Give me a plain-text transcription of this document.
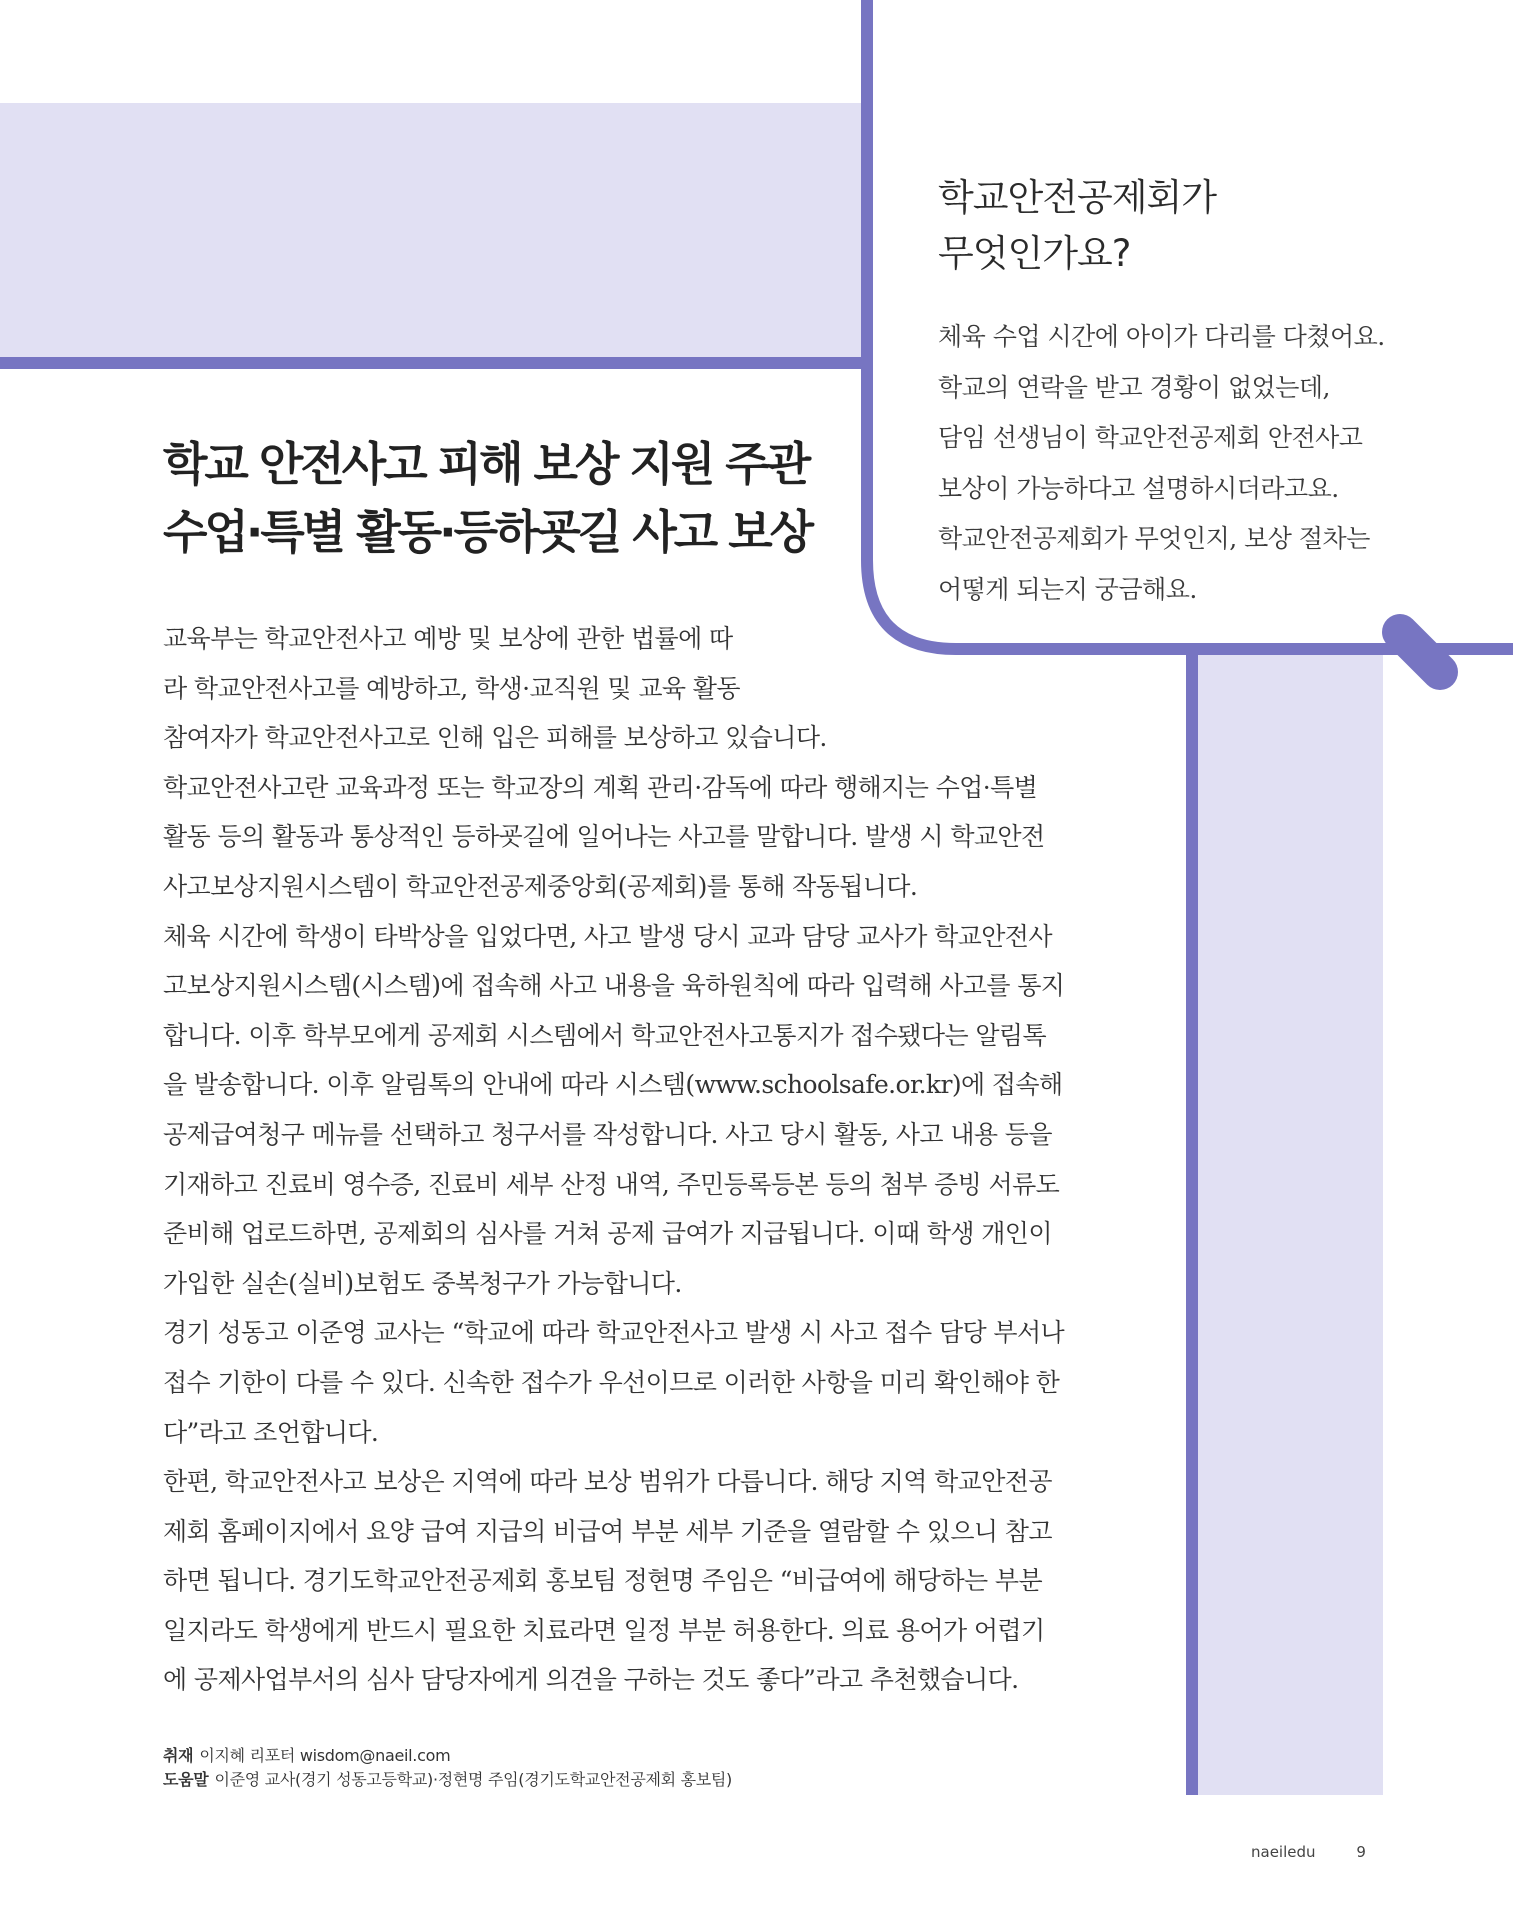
학교안전공제회가
무엇인가요?
체육 수업 시간에 아이가 다리를 다쳤어요.
학교의 연락을 받고 경황이 없었는데,
담임 선생님이 학교안전공제회 안전사고
보상이 가능하다고 설명하시더라고요.
학교안전공제회가 무엇인지, 보상 절차는
어떻게 되는지 궁금해요.
학교 안전사고 피해 보상 지원 주관
수업·특별 활동·등하굣길 사고 보상
교육부는 학교안전사고 예방 및 보상에 관한 법률에 따
라 학교안전사고를 예방하고, 학생·교직원 및 교육 활동
참여자가 학교안전사고로 인해 입은 피해를 보상하고 있습니다.
학교안전사고란 교육과정 또는 학교장의 계획 관리·감독에 따라 행해지는 수업·특별
활동 등의 활동과 통상적인 등하굣길에 일어나는 사고를 말합니다. 발생 시 학교안전
사고보상지원시스템이 학교안전공제중앙회(공제회)를 통해 작동됩니다.
체육 시간에 학생이 타박상을 입었다면, 사고 발생 당시 교과 담당 교사가 학교안전사
고보상지원시스템(시스템)에 접속해 사고 내용을 육하원칙에 따라 입력해 사고를 통지
합니다. 이후 학부모에게 공제회 시스템에서 학교안전사고통지가 접수됐다는 알림톡
을 발송합니다. 이후 알림톡의 안내에 따라 시스템(www.schoolsafe.or.kr)에 접속해
공제급여청구 메뉴를 선택하고 청구서를 작성합니다. 사고 당시 활동, 사고 내용 등을
기재하고 진료비 영수증, 진료비 세부 산정 내역, 주민등록등본 등의 첨부 증빙 서류도
준비해 업로드하면, 공제회의 심사를 거쳐 공제 급여가 지급됩니다. 이때 학생 개인이
가입한 실손(실비)보험도 중복청구가 가능합니다.
경기 성동고 이준영 교사는 “학교에 따라 학교안전사고 발생 시 사고 접수 담당 부서나
접수 기한이 다를 수 있다. 신속한 접수가 우선이므로 이러한 사항을 미리 확인해야 한
다”라고 조언합니다.
한편, 학교안전사고 보상은 지역에 따라 보상 범위가 다릅니다. 해당 지역 학교안전공
제회 홈페이지에서 요양 급여 지급의 비급여 부분 세부 기준을 열람할 수 있으니 참고
하면 됩니다. 경기도학교안전공제회 홍보팀 정현명 주임은 “비급여에 해당하는 부분
일지라도 학생에게 반드시 필요한 치료라면 일정 부분 허용한다. 의료 용어가 어렵기
에 공제사업부서의 심사 담당자에게 의견을 구하는 것도 좋다”라고 추천했습니다.
취재 이지혜 리포터 wisdom@naeil.com
도움말 이준영 교사(경기 성동고등학교)·정현명 주임(경기도학교안전공제회 홍보팀)
naeiledu	9
